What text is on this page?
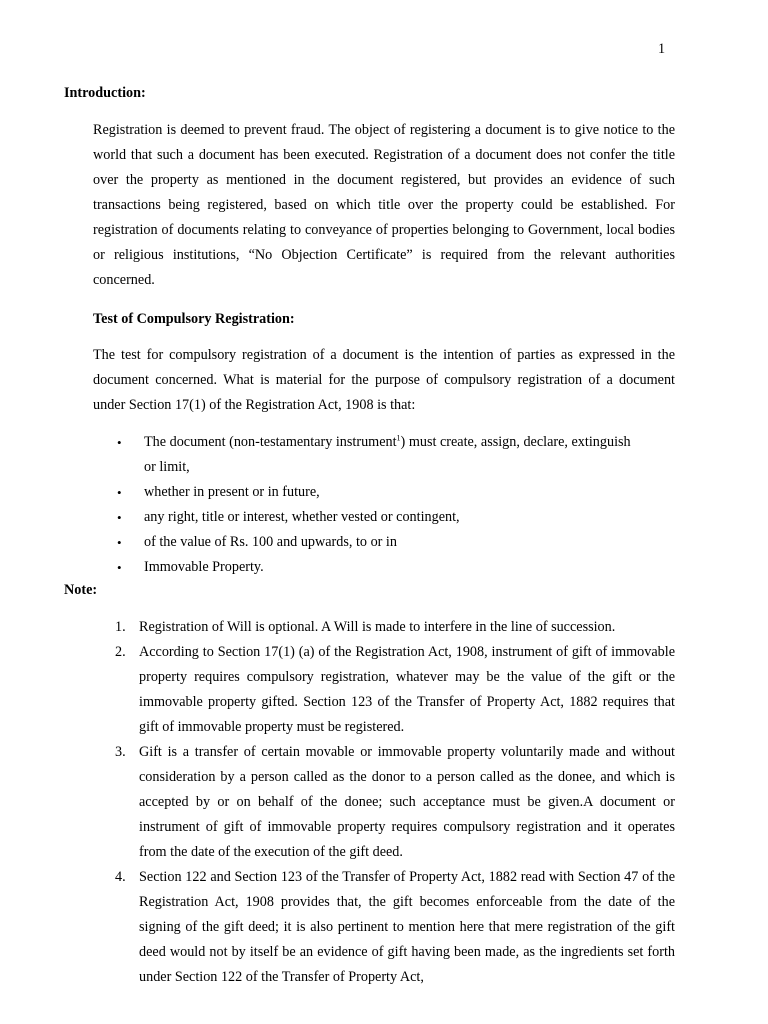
1
Introduction:

Registration is deemed to prevent fraud. The object of registering a document is to give notice to the world that such a document has been executed. Registration of a document does not confer the title over the property as mentioned in the document registered, but provides an evidence of such transactions being registered, based on which title over the property could be established. For registration of documents relating to conveyance of properties belonging to Government, local bodies or religious institutions, “No Objection Certificate” is required from the relevant authorities concerned.

Test of Compulsory Registration:

The test for compulsory registration of a document is the intention of parties as expressed in the document concerned. What is material for the purpose of compulsory registration of a document under Section 17(1) of the Registration Act, 1908 is that:

• The document (non-testamentary instrument$^1$) must create, assign, declare, extinguish or limit,
• whether in present or in future,
• any right, title or interest, whether vested or contingent,
• of the value of Rs. 100 and upwards, to or in
• Immovable Property.
Note:
1. Registration of Will is optional. A Will is made to interfere in the line of succession.
2. According to Section 17(1) (a) of the Registration Act, 1908, instrument of gift of immovable property requires compulsory registration, whatever may be the value of the gift or the immovable property gifted. Section 123 of the Transfer of Property Act, 1882 requires that gift of immovable property must be registered.
3. Gift is a transfer of certain movable or immovable property voluntarily made and without consideration by a person called as the donor to a person called as the donee, and which is accepted by or on behalf of the donee; such acceptance must be given.A document or instrument of gift of immovable property requires compulsory registration and it operates from the date of the execution of the gift deed.
4. Section 122 and Section 123 of the Transfer of Property Act, 1882 read with Section 47 of the Registration Act, 1908 provides that, the gift becomes enforceable from the date of the signing of the gift deed; it is also pertinent to mention here that mere registration of the gift deed would not by itself be an evidence of gift having been made, as the ingredients set forth under Section 122 of the Transfer of Property Act,
